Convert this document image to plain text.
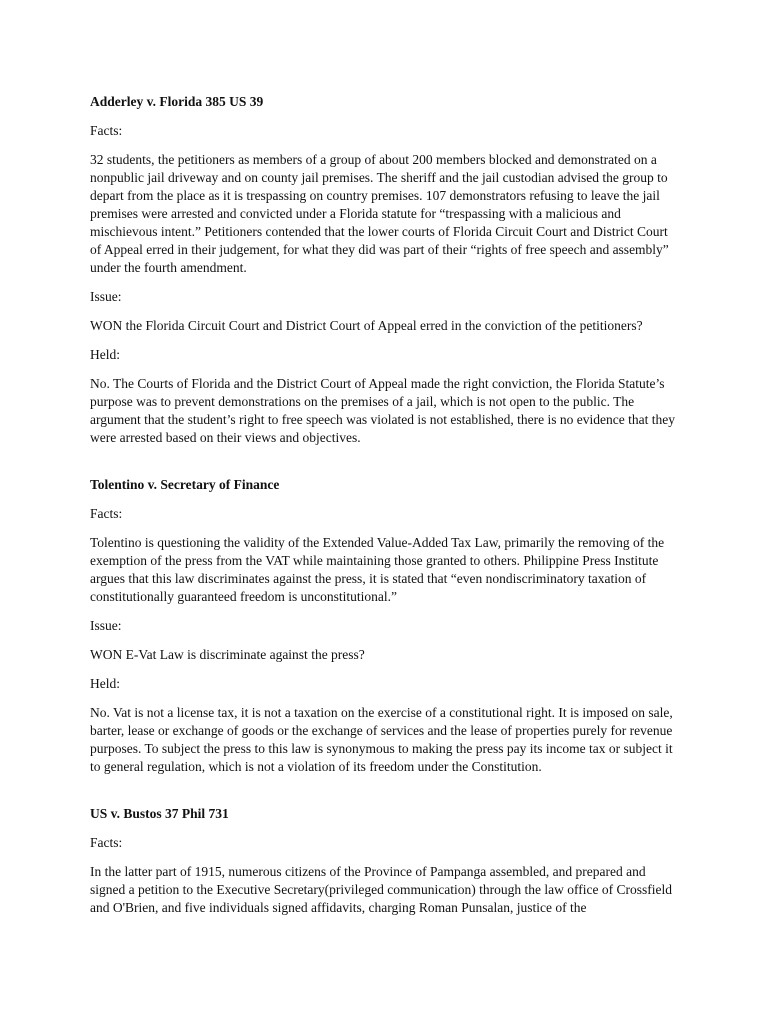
Adderley v. Florida 385 US 39
Facts:
32 students, the petitioners as members of a group of about 200 members blocked and demonstrated on a nonpublic jail driveway and on county jail premises. The sheriff and the jail custodian advised the group to depart from the place as it is trespassing on country premises. 107 demonstrators refusing to leave the jail premises were arrested and convicted under a Florida statute for “trespassing with a malicious and mischievous intent.” Petitioners contended that the lower courts of Florida Circuit Court and District Court of Appeal erred in their judgement, for what they did was part of their “rights of free speech and assembly” under the fourth amendment.
Issue:
WON the Florida Circuit Court and District Court of Appeal erred in the conviction of the petitioners?
Held:
No. The Courts of Florida and the District Court of Appeal made the right conviction, the Florida Statute’s purpose was to prevent demonstrations on the premises of a jail, which is not open to the public. The argument that the student’s right to free speech was violated is not established, there is no evidence that they were arrested based on their views and objectives.
Tolentino v. Secretary of Finance
Facts:
Tolentino is questioning the validity of the Extended Value-Added Tax Law, primarily the removing of the exemption of the press from the VAT while maintaining those granted to others. Philippine Press Institute argues that this law discriminates against the press, it is stated that “even nondiscriminatory taxation of constitutionally guaranteed freedom is unconstitutional.”
Issue:
WON E-Vat Law is discriminate against the press?
Held:
No. Vat is not a license tax, it is not a taxation on the exercise of a constitutional right. It is imposed on sale, barter, lease or exchange of goods or the exchange of services and the lease of properties purely for revenue purposes. To subject the press to this law is synonymous to making the press pay its income tax or subject it to general regulation, which is not a violation of its freedom under the Constitution.
US v. Bustos 37 Phil 731
Facts:
In the latter part of 1915, numerous citizens of the Province of Pampanga assembled, and prepared and signed a petition to the Executive Secretary(privileged communication) through the law office of Crossfield and O'Brien, and five individuals signed affidavits, charging Roman Punsalan, justice of the
